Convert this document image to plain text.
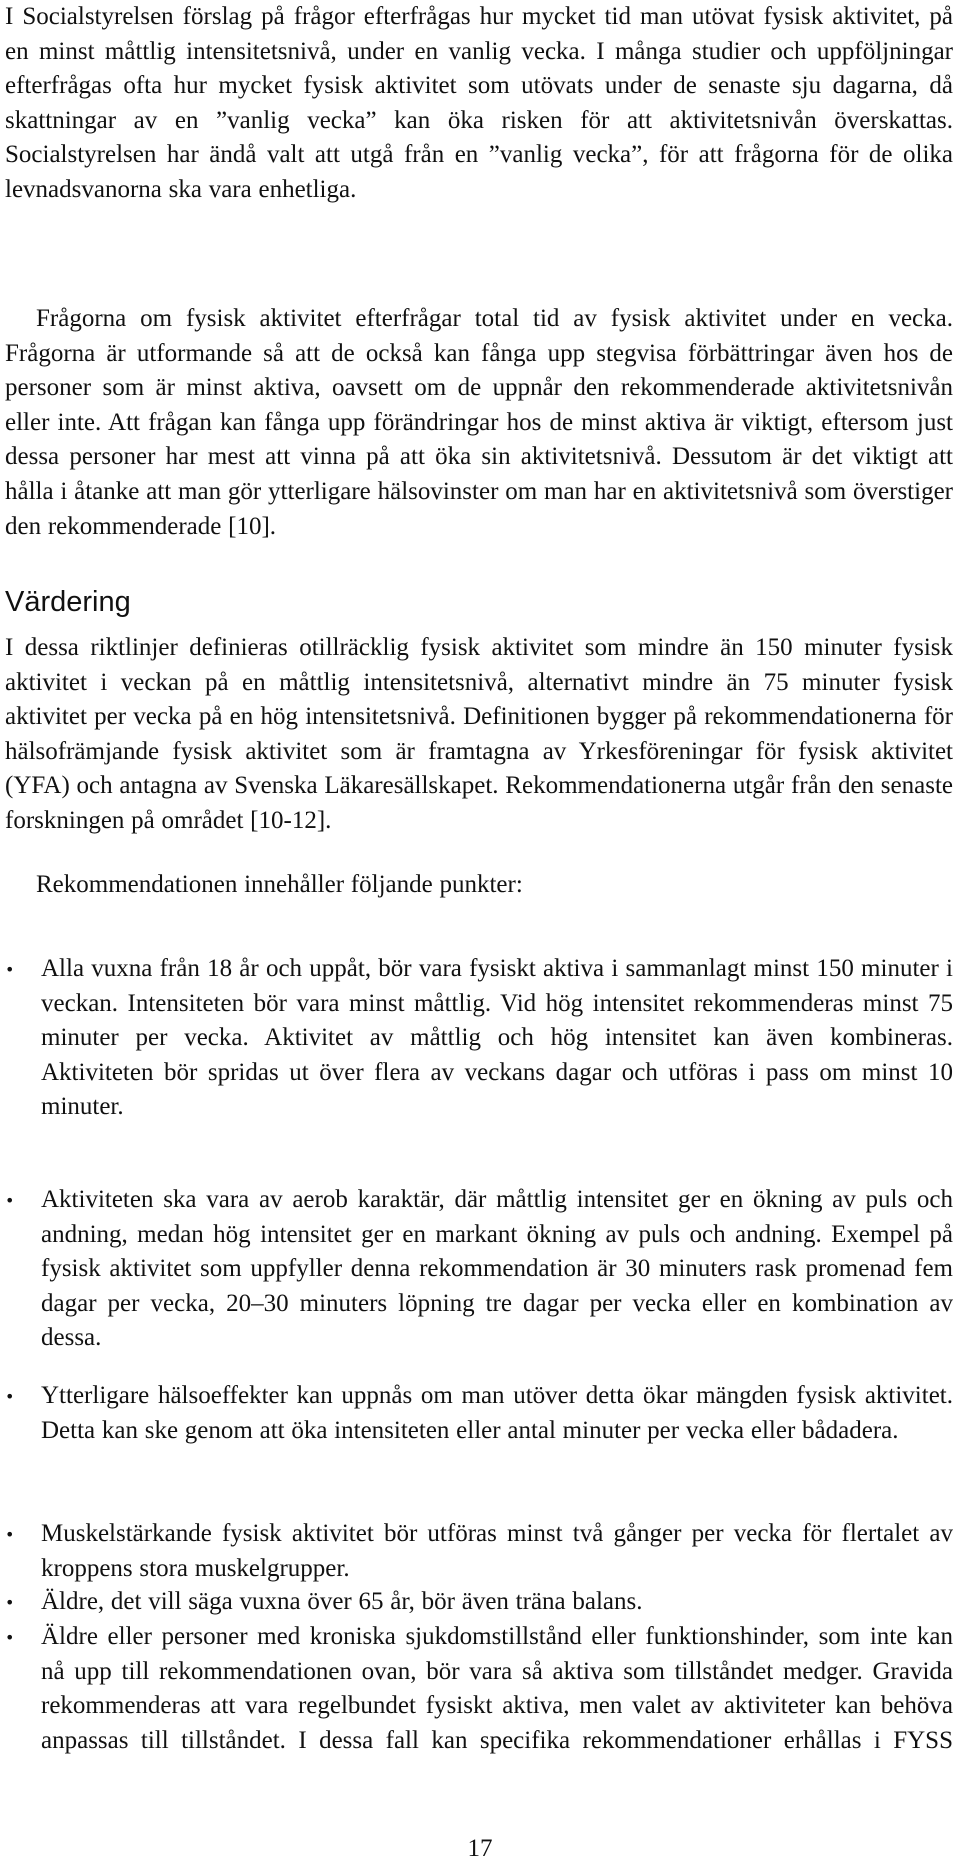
I Socialstyrelsen förslag på frågor efterfrågas hur mycket tid man utövat fysisk aktivitet, på en minst måttlig intensitetsnivå, under en vanlig vecka. I många studier och uppföljningar efterfrågas ofta hur mycket fysisk aktivitet som utövats under de senaste sju dagarna, då skattningar av en ”vanlig vecka” kan öka risken för att aktivitetsnivån överskattas. Socialstyrelsen har ändå valt att utgå från en ”vanlig vecka”, för att frågorna för de olika levnadsvanorna ska vara enhetliga.

Frågorna om fysisk aktivitet efterfrågar total tid av fysisk aktivitet under en vecka. Frågorna är utformande så att de också kan fånga upp stegvisa förbättringar även hos de personer som är minst aktiva, oavsett om de uppnår den rekommenderade aktivitetsnivån eller inte. Att frågan kan fånga upp förändringar hos de minst aktiva är viktigt, eftersom just dessa personer har mest att vinna på att öka sin aktivitetsnivå. Dessutom är det viktigt att hålla i åtanke att man gör ytterligare hälsovinster om man har en aktivitetsnivå som överstiger den rekommenderade [10].

Värdering

I dessa riktlinjer definieras otillräcklig fysisk aktivitet som mindre än 150 minuter fysisk aktivitet i veckan på en måttlig intensitetsnivå, alternativt mindre än 75 minuter fysisk aktivitet per vecka på en hög intensitetsnivå. Definitionen bygger på rekommendationerna för hälsofrämjande fysisk aktivitet som är framtagna av Yrkesföreningar för fysisk aktivitet (YFA) och antagna av Svenska Läkaresällskapet. Rekommendationerna utgår från den senaste forskningen på området [10-12].

Rekommendationen innehåller följande punkter:

• Alla vuxna från 18 år och uppåt, bör vara fysiskt aktiva i sammanlagt minst 150 minuter i veckan. Intensiteten bör vara minst måttlig. Vid hög intensitet rekommenderas minst 75 minuter per vecka. Aktivitet av måttlig och hög intensitet kan även kombineras. Aktiviteten bör spridas ut över flera av veckans dagar och utföras i pass om minst 10 minuter.

• Aktiviteten ska vara av aerob karaktär, där måttlig intensitet ger en ökning av puls och andning, medan hög intensitet ger en markant ökning av puls och andning. Exempel på fysisk aktivitet som uppfyller denna rekommendation är 30 minuters rask promenad fem dagar per vecka, 20–30 minuters löpning tre dagar per vecka eller en kombination av dessa.

• Ytterligare hälsoeffekter kan uppnås om man utöver detta ökar mängden fysisk aktivitet. Detta kan ske genom att öka intensiteten eller antal minuter per vecka eller bådadera.

• Muskelstärkande fysisk aktivitet bör utföras minst två gånger per vecka för flertalet av kroppens stora muskelgrupper.

• Äldre, det vill säga vuxna över 65 år, bör även träna balans.

• Äldre eller personer med kroniska sjukdomstillstånd eller funktionshinder, som inte kan nå upp till rekommendationen ovan, bör vara så aktiva som tillståndet medger. Gravida rekommenderas att vara regelbundet fysiskt aktiva, men valet av aktiviteter kan behöva anpassas till tillståndet. I dessa fall kan specifika rekommendationer erhållas i FYSS

17
